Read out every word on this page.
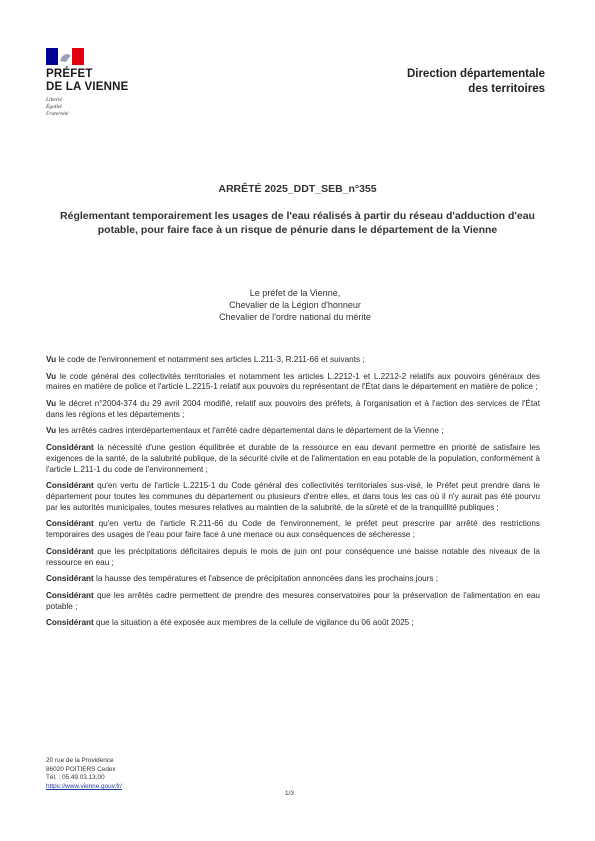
PRÉFET
DE LA VIENNE
Liberté
Égalité
Fraternité
Direction départementale
des territoires
ARRÊTÉ 2025_DDT_SEB_n°355
Réglementant temporairement les usages de l'eau réalisés à partir du réseau d'adduction d'eau potable, pour faire face à un risque de pénurie dans le département de la Vienne
Le préfet de la Vienne,
Chevalier de la Légion d'honneur
Chevalier de l'ordre national du mérite

Vu le code de l'environnement et notamment ses articles L.211-3, R.211-66 et suivants ;

Vu le code général des collectivités territoriales et notamment les articles L.2212-1 et L.2212-2 relatifs aux pouvoirs généraux des maires en matière de police et l'article L.2215-1 relatif aux pouvoirs du représentant de l'État dans le département en matière de police ;

Vu le décret n°2004-374 du 29 avril 2004 modifié, relatif aux pouvoirs des préfets, à l'organisation et à l'action des services de l'État dans les régions et les départements ;

Vu les arrêtés cadres interdépartementaux et l'arrêté cadre départemental dans le département de la Vienne ;

Considérant la nécessité d'une gestion équilibrée et durable de la ressource en eau devant permettre en priorité de satisfaire les exigences de la santé, de la salubrité publique, de la sécurité civile et de l'alimentation en eau potable de la population, conformément à l'article L.211-1 du code de l'environnement ;

Considérant qu'en vertu de l'article L.2215-1 du Code général des collectivités territoriales sus-visé, le Préfet peut prendre dans le département pour toutes les communes du département ou plusieurs d'entre elles, et dans tous les cas où il n'y aurait pas été pourvu par les autorités municipales, toutes mesures relatives au maintien de la salubrité, de la sûreté et de la tranquillité publiques ;

Considérant qu'en vertu de l'article R.211-66 du Code de l'environnement, le préfet peut prescrire par arrêté des restrictions temporaires des usages de l'eau pour faire face à une menace ou aux conséquences de sécheresse ;

Considérant que les précipitations déficitaires depuis le mois de juin ont pour conséquence une baisse notable des niveaux de la ressource en eau ;

Considérant la hausse des températures et l'absence de précipitation annoncées dans les prochains jours ;

Considérant que les arrêtés cadre permettent de prendre des mesures conservatoires pour la préservation de l'alimentation en eau potable ;

Considérant que la situation a été exposée aux membres de la cellule de vigilance du 06 août 2025 ;

20 rue de la Providence
86020 POITIERS Cedex
Tél. : 05.49.03.13.00
https://www.vienne.gouv.fr/
1/3
